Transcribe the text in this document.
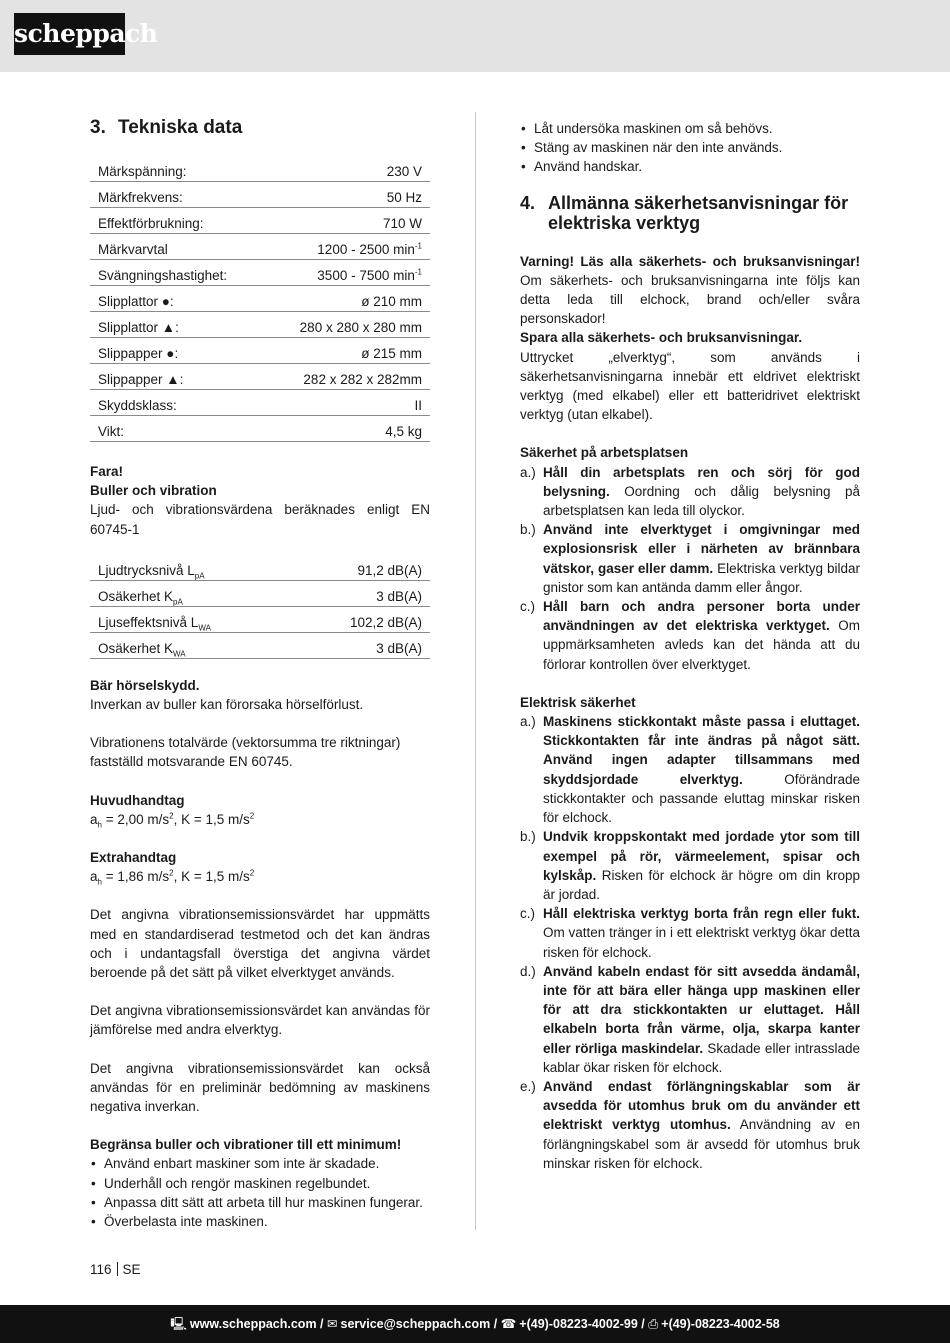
scheppach
3. Tekniska data
Märkspänning:	230 V
Märkfrekvens:	50 Hz
Effektförbrukning:	710 W
Märkvarvtal	1200 - 2500 $\min^{-1}$
Svängningshastighet:	3500 - 7500 $\min^{-1}$
Slipplattor ●:	ø 210 mm
Slipplattor ▲:	280 x 280 x 280 mm
Slippapper ●:	ø 215 mm
Slippapper ▲:	282 x 282 x 282mm
Skyddsklass:	II
Vikt:	4,5 kg

Fara!

Buller och vibration

Ljud- och vibrationsvärdena beräknades enligt EN 60745-1

Ljudtrycksnivå $L_{pA}$	91,2 dB(A)
Osäkerhet $K_{pA}$	3 dB(A)
Ljuseffektsnivå $L_{WA}$	102,2 dB(A)
Osäkerhet $K_{WA}$	3 dB(A)

Bär hörselskydd.

Inverkan av buller kan förorsaka hörselförlust.

Vibrationens totalvärde (vektorsumma tre riktningar) fastställd motsvarande EN 60745.

Huvudhandtag

$a_h = 2,00$ $m/s^2$, K = 1,5 $m/s^2$

Extrahandtag

$a_h = 1,86$ $m/s^2$, K = 1,5 $m/s^2$

Det angivna vibrationsemissionsvärdet har uppmätts med en standardiserad testmetod och det kan ändras och i undantagsfall överstiga det angivna värdet beroende på det sätt på vilket elverktyget används.

Det angivna vibrationsemissionsvärdet kan användas för jämförelse med andra elverktyg.

Det angivna vibrationsemissionsvärdet kan också användas för en preliminär bedömning av maskinens negativa inverkan.

Begränsa buller och vibrationer till ett minimum!

• Använd enbart maskiner som inte är skadade.
• Underhåll och rengör maskinen regelbundet.
• Anpassa ditt sätt att arbeta till hur maskinen fungerar.
• Överbelasta inte maskinen.
• Låt undersöka maskinen om så behövs.
• Stäng av maskinen när den inte används.
• Använd handskar.
4. Allmänna säkerhetsanvisningar för elektriska verktyg

Varning! Läs alla säkerhets- och bruksanvisningar! Om säkerhets- och bruksanvisningarna inte följs kan detta leda till elchock, brand och/eller svåra personskador!

Spara alla säkerhets- och bruksanvisningar.

Uttrycket „elverktyg“, som används i säkerhetsanvisningarna innebär ett eldrivet elektriskt verktyg (med elkabel) eller ett batteridrivet elektriskt verktyg (utan elkabel).

Säkerhet på arbetsplatsen

a.) Håll din arbetsplats ren och sörj för god belysning. Oordning och dålig belysning på arbetsplatsen kan leda till olyckor.
b.) Använd inte elverktyget i omgivningar med explosionsrisk eller i närheten av brännbara vätskor, gaser eller damm. Elektriska verktyg bildar gnistor som kan antända damm eller ångor.
c.) Håll barn och andra personer borta under användningen av det elektriska verktyget. Om uppmärksamheten avleds kan det hända att du förlorar kontrollen över elverktyget.

Elektrisk säkerhet

a.) Maskinens stickkontakt måste passa i eluttaget. Stickkontakten får inte ändras på något sätt. Använd ingen adapter tillsammans med skyddsjordade elverktyg. Oförändrade stickkontakter och passande eluttag minskar risken för elchock.
b.) Undvik kroppskontakt med jordade ytor som till exempel på rör, värmeelement, spisar och kylskåp. Risken för elchock är högre om din kropp är jordad.
c.) Håll elektriska verktyg borta från regn eller fukt. Om vatten tränger in i ett elektriskt verktyg ökar detta risken för elchock.
d.) Använd kabeln endast för sitt avsedda ändamål, inte för att bära eller hänga upp maskinen eller för att dra stickkontakten ur eluttaget. Håll elkabeln borta från värme, olja, skarpa kanter eller rörliga maskindelar. Skadade eller intrasslade kablar ökar risken för elchock.
e.) Använd endast förlängningskablar som är avsedda för utomhus bruk om du använder ett elektriskt verktyg utomhus. Användning av en förlängningskabel som är avsedd för utomhus bruk minskar risken för elchock.
116 SE
🖳 www.scheppach.com / ✉ service@scheppach.com / ☎ +(49)-08223-4002-99 / ⎙ +(49)-08223-4002-58
